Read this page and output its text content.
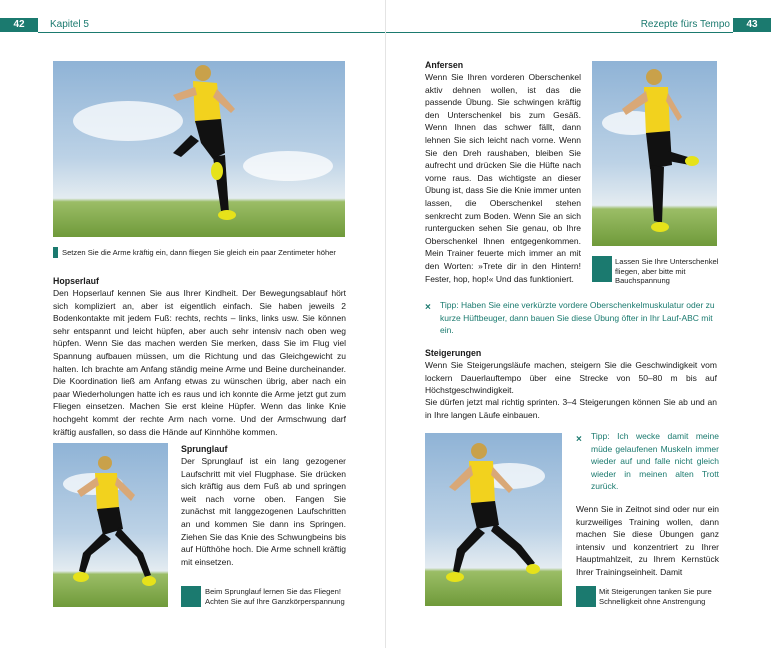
42	Kapitel 5	Rezepte fürs Tempo	43
Setzen Sie die Arme kräftig ein, dann fliegen Sie gleich ein paar Zentimeter höher
Hopserlauf
Den Hopserlauf kennen Sie aus Ihrer Kindheit. Der Bewegungsablauf hört sich kompliziert an, aber ist eigentlich einfach. Sie haben jeweils 2 Bodenkontakte mit jedem Fuß: rechts, rechts – links, links usw. Sie können sehr entspannt und leicht hüpfen, aber auch sehr intensiv nach oben weg hüpfen. Wenn Sie das machen werden Sie merken, dass Sie im Flug viel Spannung aufbauen müssen, um die Richtung und das Gleichgewicht zu halten. Ich brachte am Anfang ständig meine Arme und Beine durcheinander. Die Koordination ließ am Anfang etwas zu wünschen übrig, aber nach ein paar Wiederholungen hatte ich es raus und ich konnte die Arme jetzt gut zum Fliegen einsetzen. Machen Sie erst kleine Hüpfer. Wenn das linke Knie hochgeht kommt der rechte Arm nach vorne. Und der Armschwung darf kräftig ausfallen, so dass die Hände auf Kinnhöhe kommen.
Beim Sprunglauf lernen Sie das Fliegen! Achten Sie auf Ihre Ganzkörperspannung
Sprunglauf
Der Sprunglauf ist ein lang gezogener Laufschritt mit viel Flugphase. Sie drücken sich kräftig aus dem Fuß ab und springen weit nach vorne oben. Fangen Sie zunächst mit langgezogenen Laufschritten an und kommen Sie dann ins Springen. Ziehen Sie das Knie des Schwungbeins bis auf Hüfthöhe hoch. Die Arme schnell kräftig mit einsetzen.
Anfersen
Wenn Sie Ihren vorderen Oberschenkel aktiv dehnen wollen, ist das die passende Übung. Sie schwingen kräftig den Unterschenkel bis zum Gesäß. Wenn Ihnen das schwer fällt, dann lehnen Sie sich leicht nach vorne. Wenn Sie den Dreh raushaben, bleiben Sie aufrecht und drücken Sie die Hüfte nach vorne raus. Das wichtigste an dieser Übung ist, dass Sie die Knie immer unten lassen, die Oberschenkel stehen senkrecht zum Boden. Wenn Sie an sich runtergucken sehen Sie genau, ob Ihre Oberschenkel Ihnen entgegenkommen. Mein Trainer feuerte mich immer an mit den Worten: »Trete dir in den Hintern! Fester, hop, hop!« Und das funktioniert.
Lassen Sie Ihre Unterschenkel fliegen, aber bitte mit Bauchspannung
× Tipp: Haben Sie eine verkürzte vordere Oberschenkelmuskulatur oder zu kurze Hüftbeuger, dann bauen Sie diese Übung öfter in Ihr Lauf-ABC mit ein.
Steigerungen
Wenn Sie Steigerungsläufe machen, steigern Sie die Geschwindigkeit vom lockern Dauerlauftempo über eine Strecke von 50–80 m bis auf Höchstgeschwindigkeit.
Sie dürfen jetzt mal richtig sprinten. 3–4 Steigerungen können Sie ab und an in Ihre langen Läufe einbauen.
× Tipp: Ich wecke damit meine müde gelaufenen Muskeln immer wieder auf und falle nicht gleich wieder in meinen alten Trott zurück.
Wenn Sie in Zeitnot sind oder nur ein kurzweiliges Training wollen, dann machen Sie diese Übungen ganz intensiv und konzentriert zu Ihrer Hauptmahlzeit, zu Ihrem Kernstück Ihrer Trainingseinheit. Damit
Mit Steigerungen tanken Sie pure Schnelligkeit ohne Anstrengung
